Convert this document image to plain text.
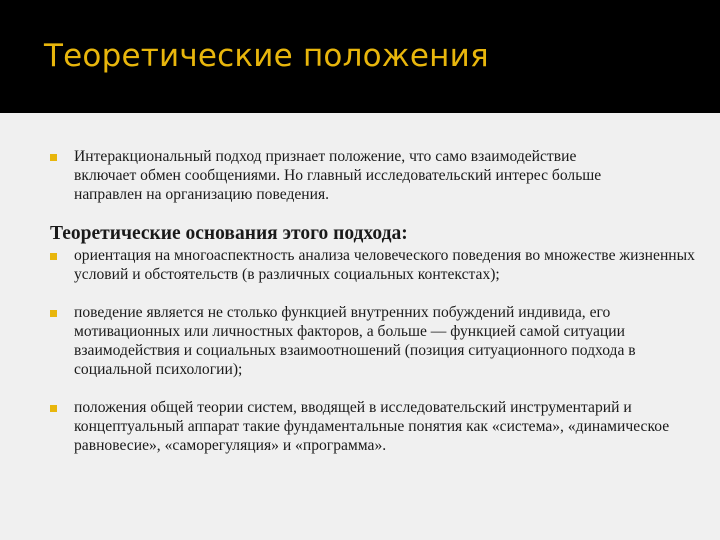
Теоретические положения
Интеракциональный подход признает положение, что само взаимодействие включает обмен сообщениями. Но главный исследовательский интерес больше направлен на организацию поведения.
Теоретические основания этого подхода:
ориентация на многоаспектность анализа человеческого поведения во множестве жизненных условий и обстоятельств (в различных социальных контекстах);
поведение является не столько функцией внутренних побуждений индивида, его мотивационных или личностных факторов, а больше — функцией самой ситуации взаимодействия и социальных взаимоотношений (позиция ситуационного подхода в социальной психологии);
положения общей теории систем, вводящей в исследовательский инструментарий и концептуальный аппарат такие фундаментальные понятия как «система», «динамическое равновесие», «саморегуляция» и «программа».
